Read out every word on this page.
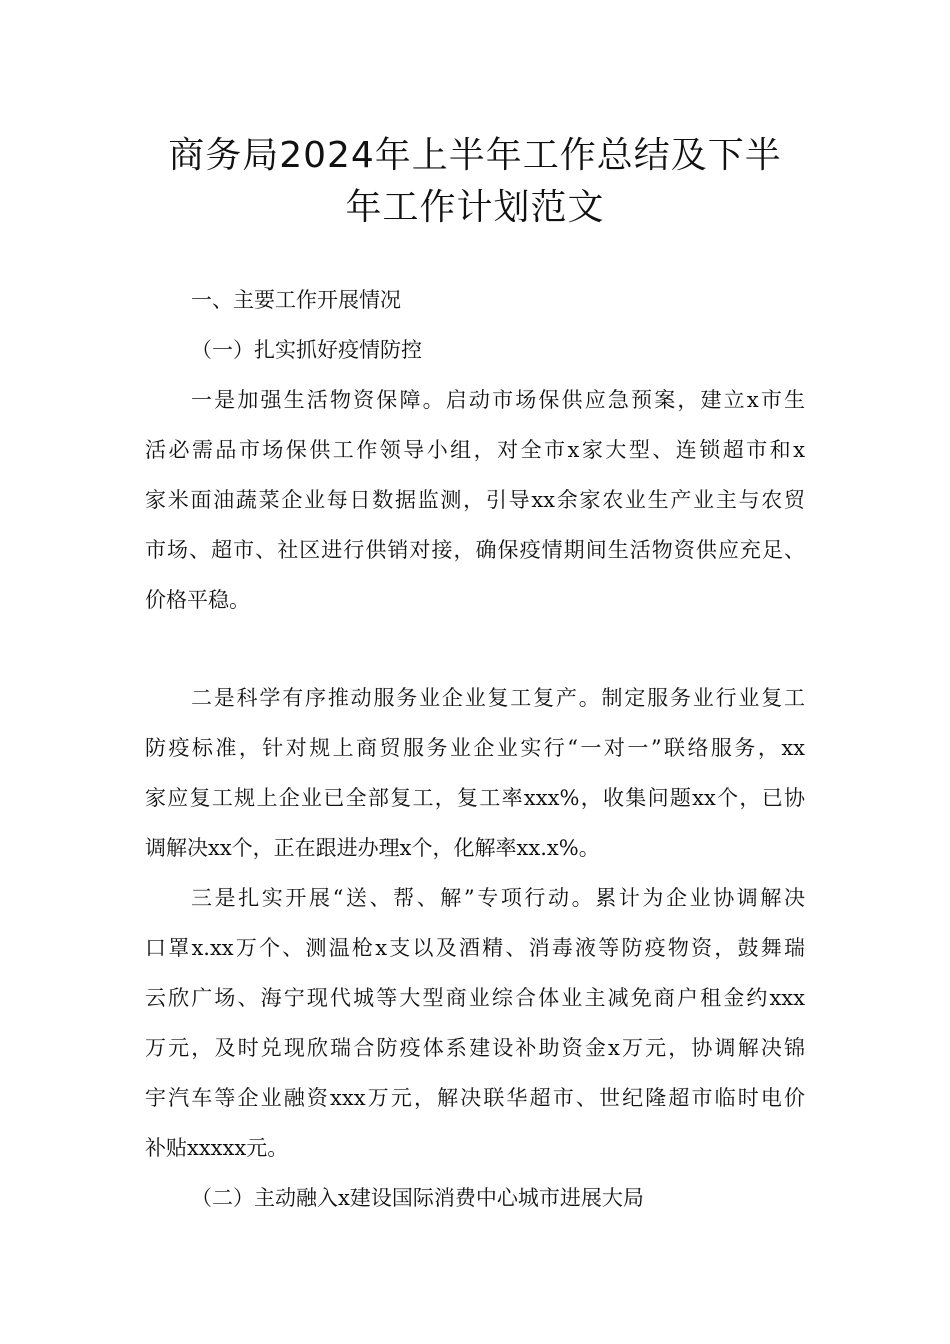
商务局2024年上半年工作总结及下半
年工作计划范文
一、主要工作开展情况
（一）扎实抓好疫情防控
一是加强生活物资保障。启动市场保供应急预案，建立x市生
活必需品市场保供工作领导小组，对全市x家大型、连锁超市和x
家米面油蔬菜企业每日数据监测，引导xx余家农业生产业主与农贸
市场、超市、社区进行供销对接，确保疫情期间生活物资供应充足、
价格平稳。
二是科学有序推动服务业企业复工复产。制定服务业行业复工
防疫标准，针对规上商贸服务业企业实行“一对一”联络服务，xx
家应复工规上企业已全部复工，复工率xxx%，收集问题xx个，已协
调解决xx个，正在跟进办理x个，化解率xx.x%。
三是扎实开展“送、帮、解”专项行动。累计为企业协调解决
口罩x.xx万个、测温枪x支以及酒精、消毒液等防疫物资，鼓舞瑞
云欣广场、海宁现代城等大型商业综合体业主减免商户租金约xxx
万元，及时兑现欣瑞合防疫体系建设补助资金x万元，协调解决锦
宇汽车等企业融资xxx万元，解决联华超市、世纪隆超市临时电价
补贴xxxxx元。
（二）主动融入x建设国际消费中心城市进展大局
